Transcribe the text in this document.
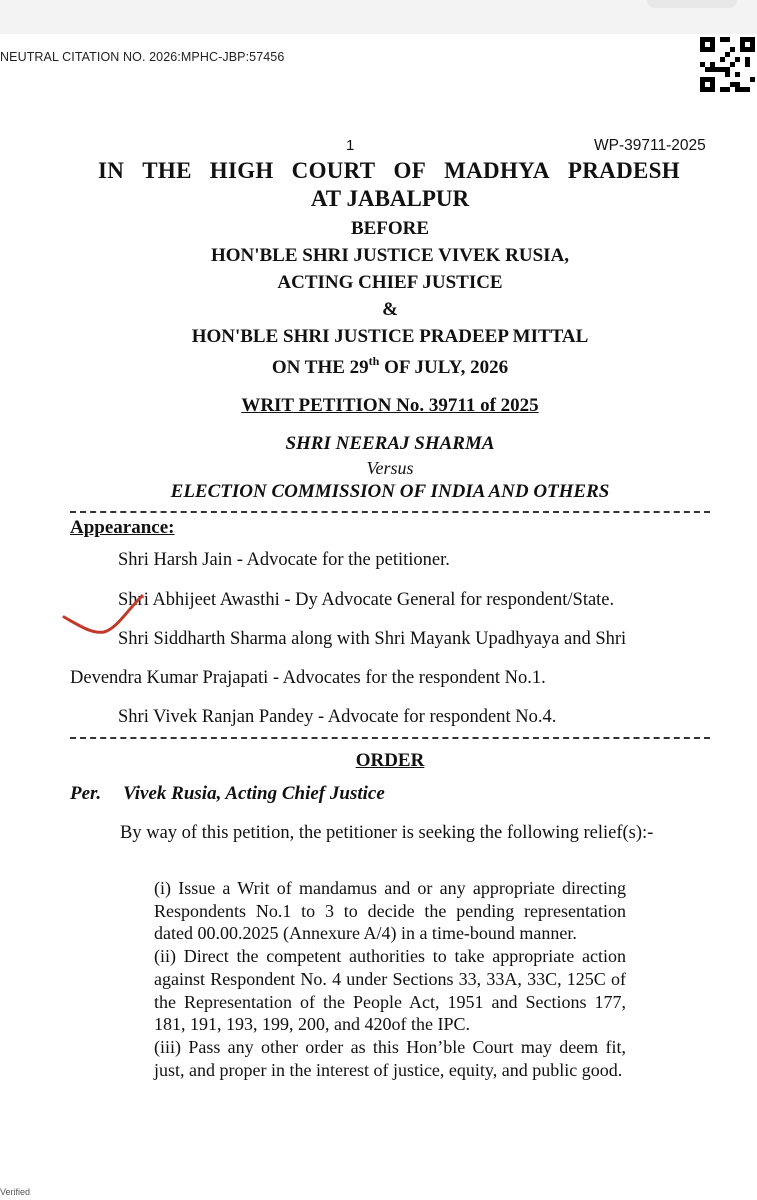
NEUTRAL CITATION NO. 2026:MPHC-JBP:57456
1	WP-39711-2025
IN THE HIGH COURT OF MADHYA PRADESH
AT JABALPUR
BEFORE
HON'BLE SHRI JUSTICE VIVEK RUSIA,
ACTING CHIEF JUSTICE
&
HON'BLE SHRI JUSTICE PRADEEP MITTAL
ON THE 29th OF JULY, 2026
WRIT PETITION No. 39711 of 2025
SHRI NEERAJ SHARMA
Versus
ELECTION COMMISSION OF INDIA AND OTHERS
Appearance:
Shri Harsh Jain - Advocate for the petitioner.
Shri Abhijeet Awasthi - Dy Advocate General for respondent/State.
Shri Siddharth Sharma along with Shri Mayank Upadhyaya and Shri
Devendra Kumar Prajapati - Advocates for the respondent No.1.
Shri Vivek Ranjan Pandey - Advocate for respondent No.4.
ORDER
Per. Vivek Rusia, Acting Chief Justice
By way of this petition, the petitioner is seeking the following relief(s):-
(i) Issue a Writ of mandamus and or any appropriate directing Respondents No.1 to 3 to decide the pending representation dated 00.00.2025 (Annexure A/4) in a time-bound manner.
(ii) Direct the competent authorities to take appropriate action against Respondent No. 4 under Sections 33, 33A, 33C, 125C of the Representation of the People Act, 1951 and Sections 177, 181, 191, 193, 199, 200, and 420of the IPC.
(iii) Pass any other order as this Hon’ble Court may deem fit, just, and proper in the interest of justice, equity, and public good.
Verified
